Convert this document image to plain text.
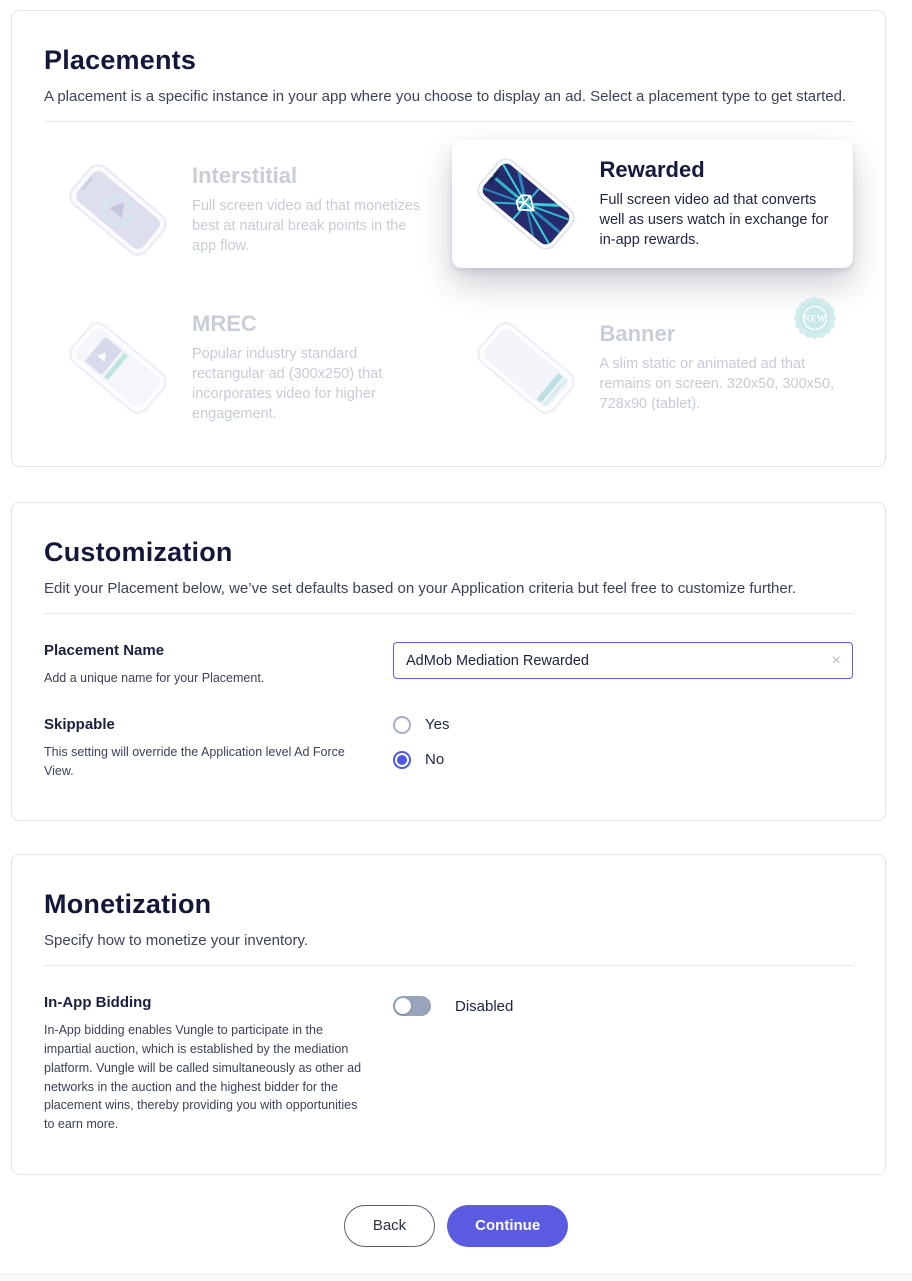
Placements
A placement is a specific instance in your app where you choose to display an ad. Select a placement type to get started.
Interstitial
Full screen video ad that monetizes best at natural break points in the app flow.
Rewarded
Full screen video ad that converts well as users watch in exchange for in-app rewards.
MREC
Popular industry standard rectangular ad (300x250) that incorporates video for higher engagement.
Banner
A slim static or animated ad that remains on screen. 320x50, 300x50, 728x90 (tablet).
NEW
Customization
Edit your Placement below, we’ve set defaults based on your Application criteria but feel free to customize further.
Placement Name
Add a unique name for your Placement.
AdMob Mediation Rewarded
×
Skippable
This setting will override the Application level Ad Force View.
Yes
No
Monetization
Specify how to monetize your inventory.
In-App Bidding
In-App bidding enables Vungle to participate in the impartial auction, which is established by the mediation platform. Vungle will be called simultaneously as other ad networks in the auction and the highest bidder for the placement wins, thereby providing you with opportunities to earn more.
Disabled
Back	Continue
